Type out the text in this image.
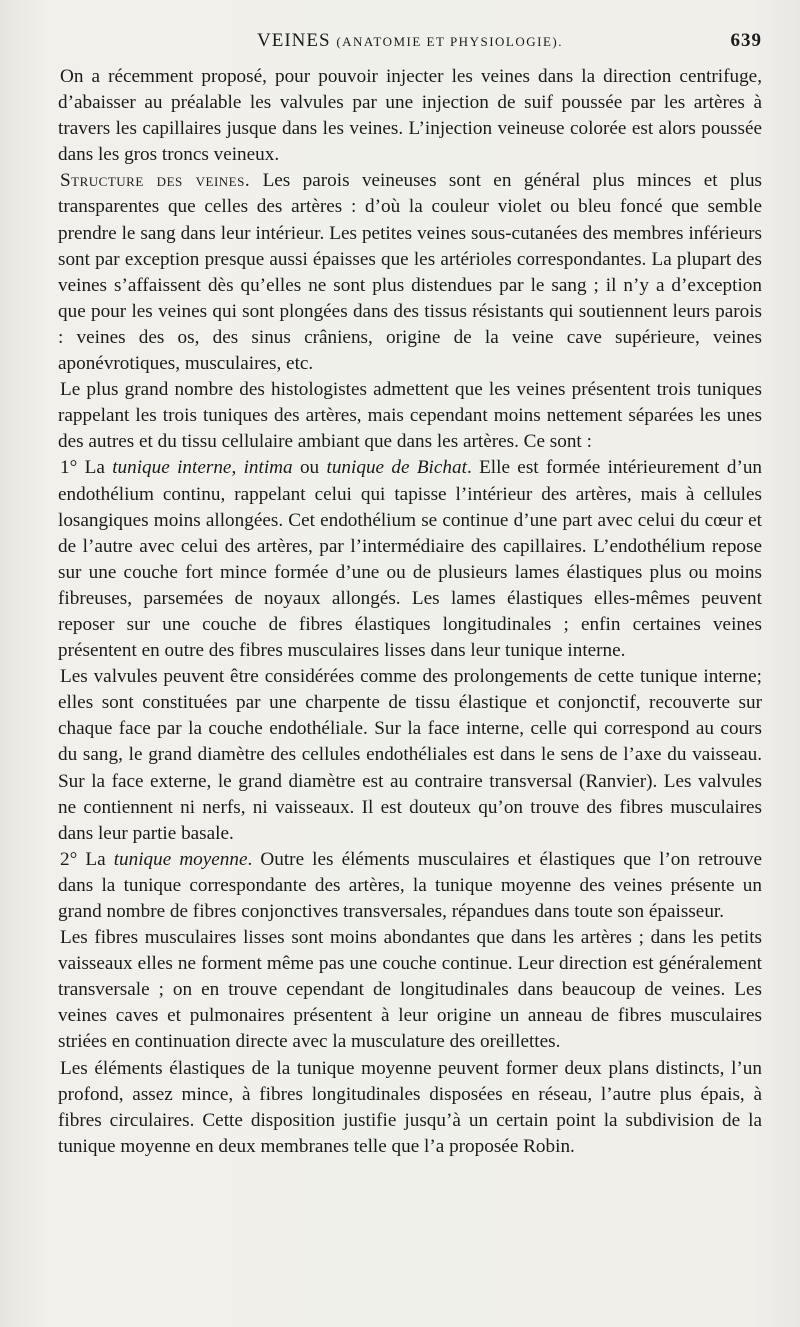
VEINES (ANATOMIE ET PHYSIOLOGIE).	639

On a récemment proposé, pour pouvoir injecter les veines dans la direction centrifuge, d’abaisser au préalable les valvules par une injection de suif poussée par les artères à travers les capillaires jusque dans les veines. L’injection veineuse colorée est alors poussée dans les gros troncs veineux.

Structure des veines. Les parois veineuses sont en général plus minces et plus transparentes que celles des artères : d’où la couleur violet ou bleu foncé que semble prendre le sang dans leur intérieur. Les petites veines sous-cutanées des membres inférieurs sont par exception presque aussi épaisses que les artérioles correspondantes. La plupart des veines s’affaissent dès qu’elles ne sont plus distendues par le sang ; il n’y a d’exception que pour les veines qui sont plongées dans des tissus résistants qui soutiennent leurs parois : veines des os, des sinus crâniens, origine de la veine cave supérieure, veines aponévrotiques, musculaires, etc.

Le plus grand nombre des histologistes admettent que les veines présentent trois tuniques rappelant les trois tuniques des artères, mais cependant moins nettement séparées les unes des autres et du tissu cellulaire ambiant que dans les artères. Ce sont :

1° La tunique interne, intima ou tunique de Bichat. Elle est formée intérieurement d’un endothélium continu, rappelant celui qui tapisse l’intérieur des artères, mais à cellules losangiques moins allongées. Cet endothélium se continue d’une part avec celui du cœur et de l’autre avec celui des artères, par l’intermédiaire des capillaires. L’endothélium repose sur une couche fort mince formée d’une ou de plusieurs lames élastiques plus ou moins fibreuses, parsemées de noyaux allongés. Les lames élastiques elles-mêmes peuvent reposer sur une couche de fibres élastiques longitudinales ; enfin certaines veines présentent en outre des fibres musculaires lisses dans leur tunique interne.

Les valvules peuvent être considérées comme des prolongements de cette tunique interne; elles sont constituées par une charpente de tissu élastique et conjonctif, recouverte sur chaque face par la couche endothéliale. Sur la face interne, celle qui correspond au cours du sang, le grand diamètre des cellules endothéliales est dans le sens de l’axe du vaisseau. Sur la face externe, le grand diamètre est au contraire transversal (Ranvier). Les valvules ne contiennent ni nerfs, ni vaisseaux. Il est douteux qu’on trouve des fibres musculaires dans leur partie basale.

2° La tunique moyenne. Outre les éléments musculaires et élastiques que l’on retrouve dans la tunique correspondante des artères, la tunique moyenne des veines présente un grand nombre de fibres conjonctives transversales, répandues dans toute son épaisseur.

Les fibres musculaires lisses sont moins abondantes que dans les artères ; dans les petits vaisseaux elles ne forment même pas une couche continue. Leur direction est généralement transversale ; on en trouve cependant de longitudinales dans beaucoup de veines. Les veines caves et pulmonaires présentent à leur origine un anneau de fibres musculaires striées en continuation directe avec la musculature des oreillettes.

Les éléments élastiques de la tunique moyenne peuvent former deux plans distincts, l’un profond, assez mince, à fibres longitudinales disposées en réseau, l’autre plus épais, à fibres circulaires. Cette disposition justifie jusqu’à un certain point la subdivision de la tunique moyenne en deux membranes telle que l’a proposée Robin.
